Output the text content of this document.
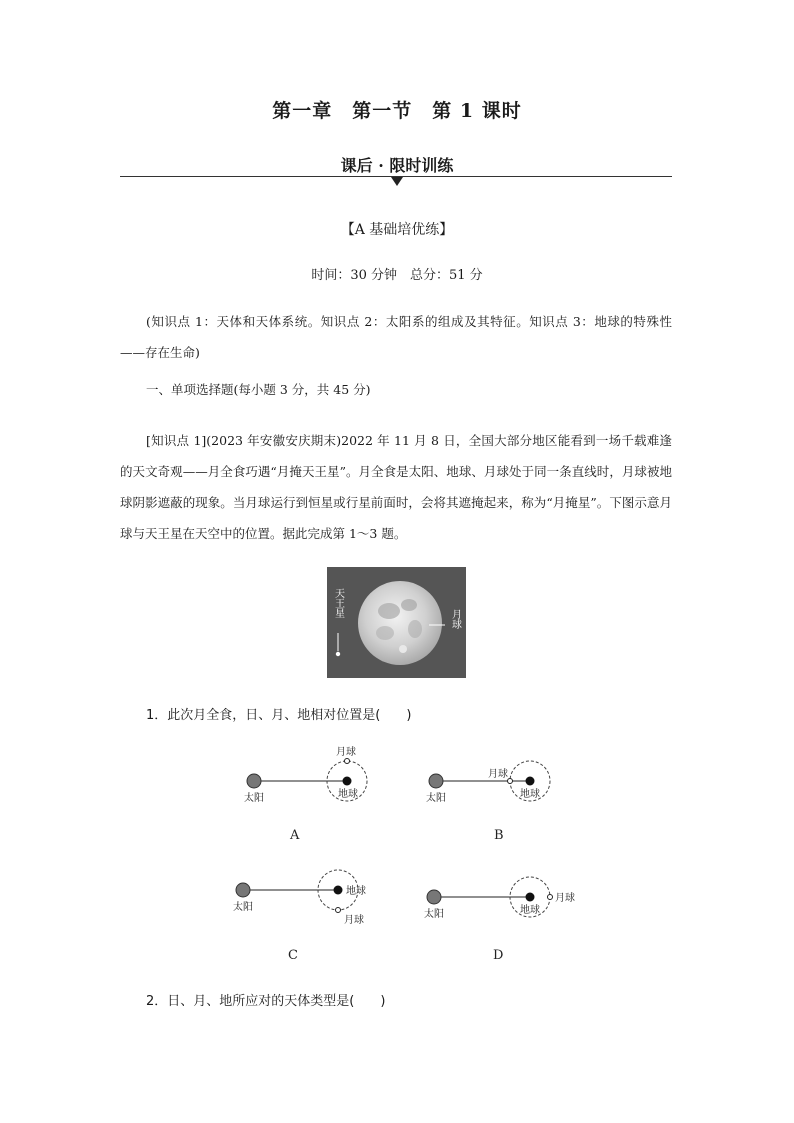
第一章　第一节　第 1 课时
课后 · 限时训练
【A 基础培优练】
时间：30 分钟　总分：51 分
(知识点 1：天体和天体系统。知识点 2：太阳系的组成及其特征。知识点 3：地球的特殊性——存在生命)
一、单项选择题(每小题 3 分，共 45 分)
[知识点 1](2023 年安徽安庆期末)2022 年 11 月 8 日，全国大部分地区能看到一场千载难逢的天文奇观——月全食巧遇“月掩天王星”。月全食是太阳、地球、月球处于同一条直线时，月球被地球阴影遮蔽的现象。当月球运行到恒星或行星前面时，会将其遮掩起来，称为“月掩星”。下图示意月球与天王星在天空中的位置。据此完成第 1～3 题。
天王星
月球
1．此次月全食，日、月、地相对位置是(　　)
太阳	地球
月球
A
太阳	地球
月球
B
太阳
地球
月球
C
太阳	地球
月球
D
2．日、月、地所应对的天体类型是(　　)
